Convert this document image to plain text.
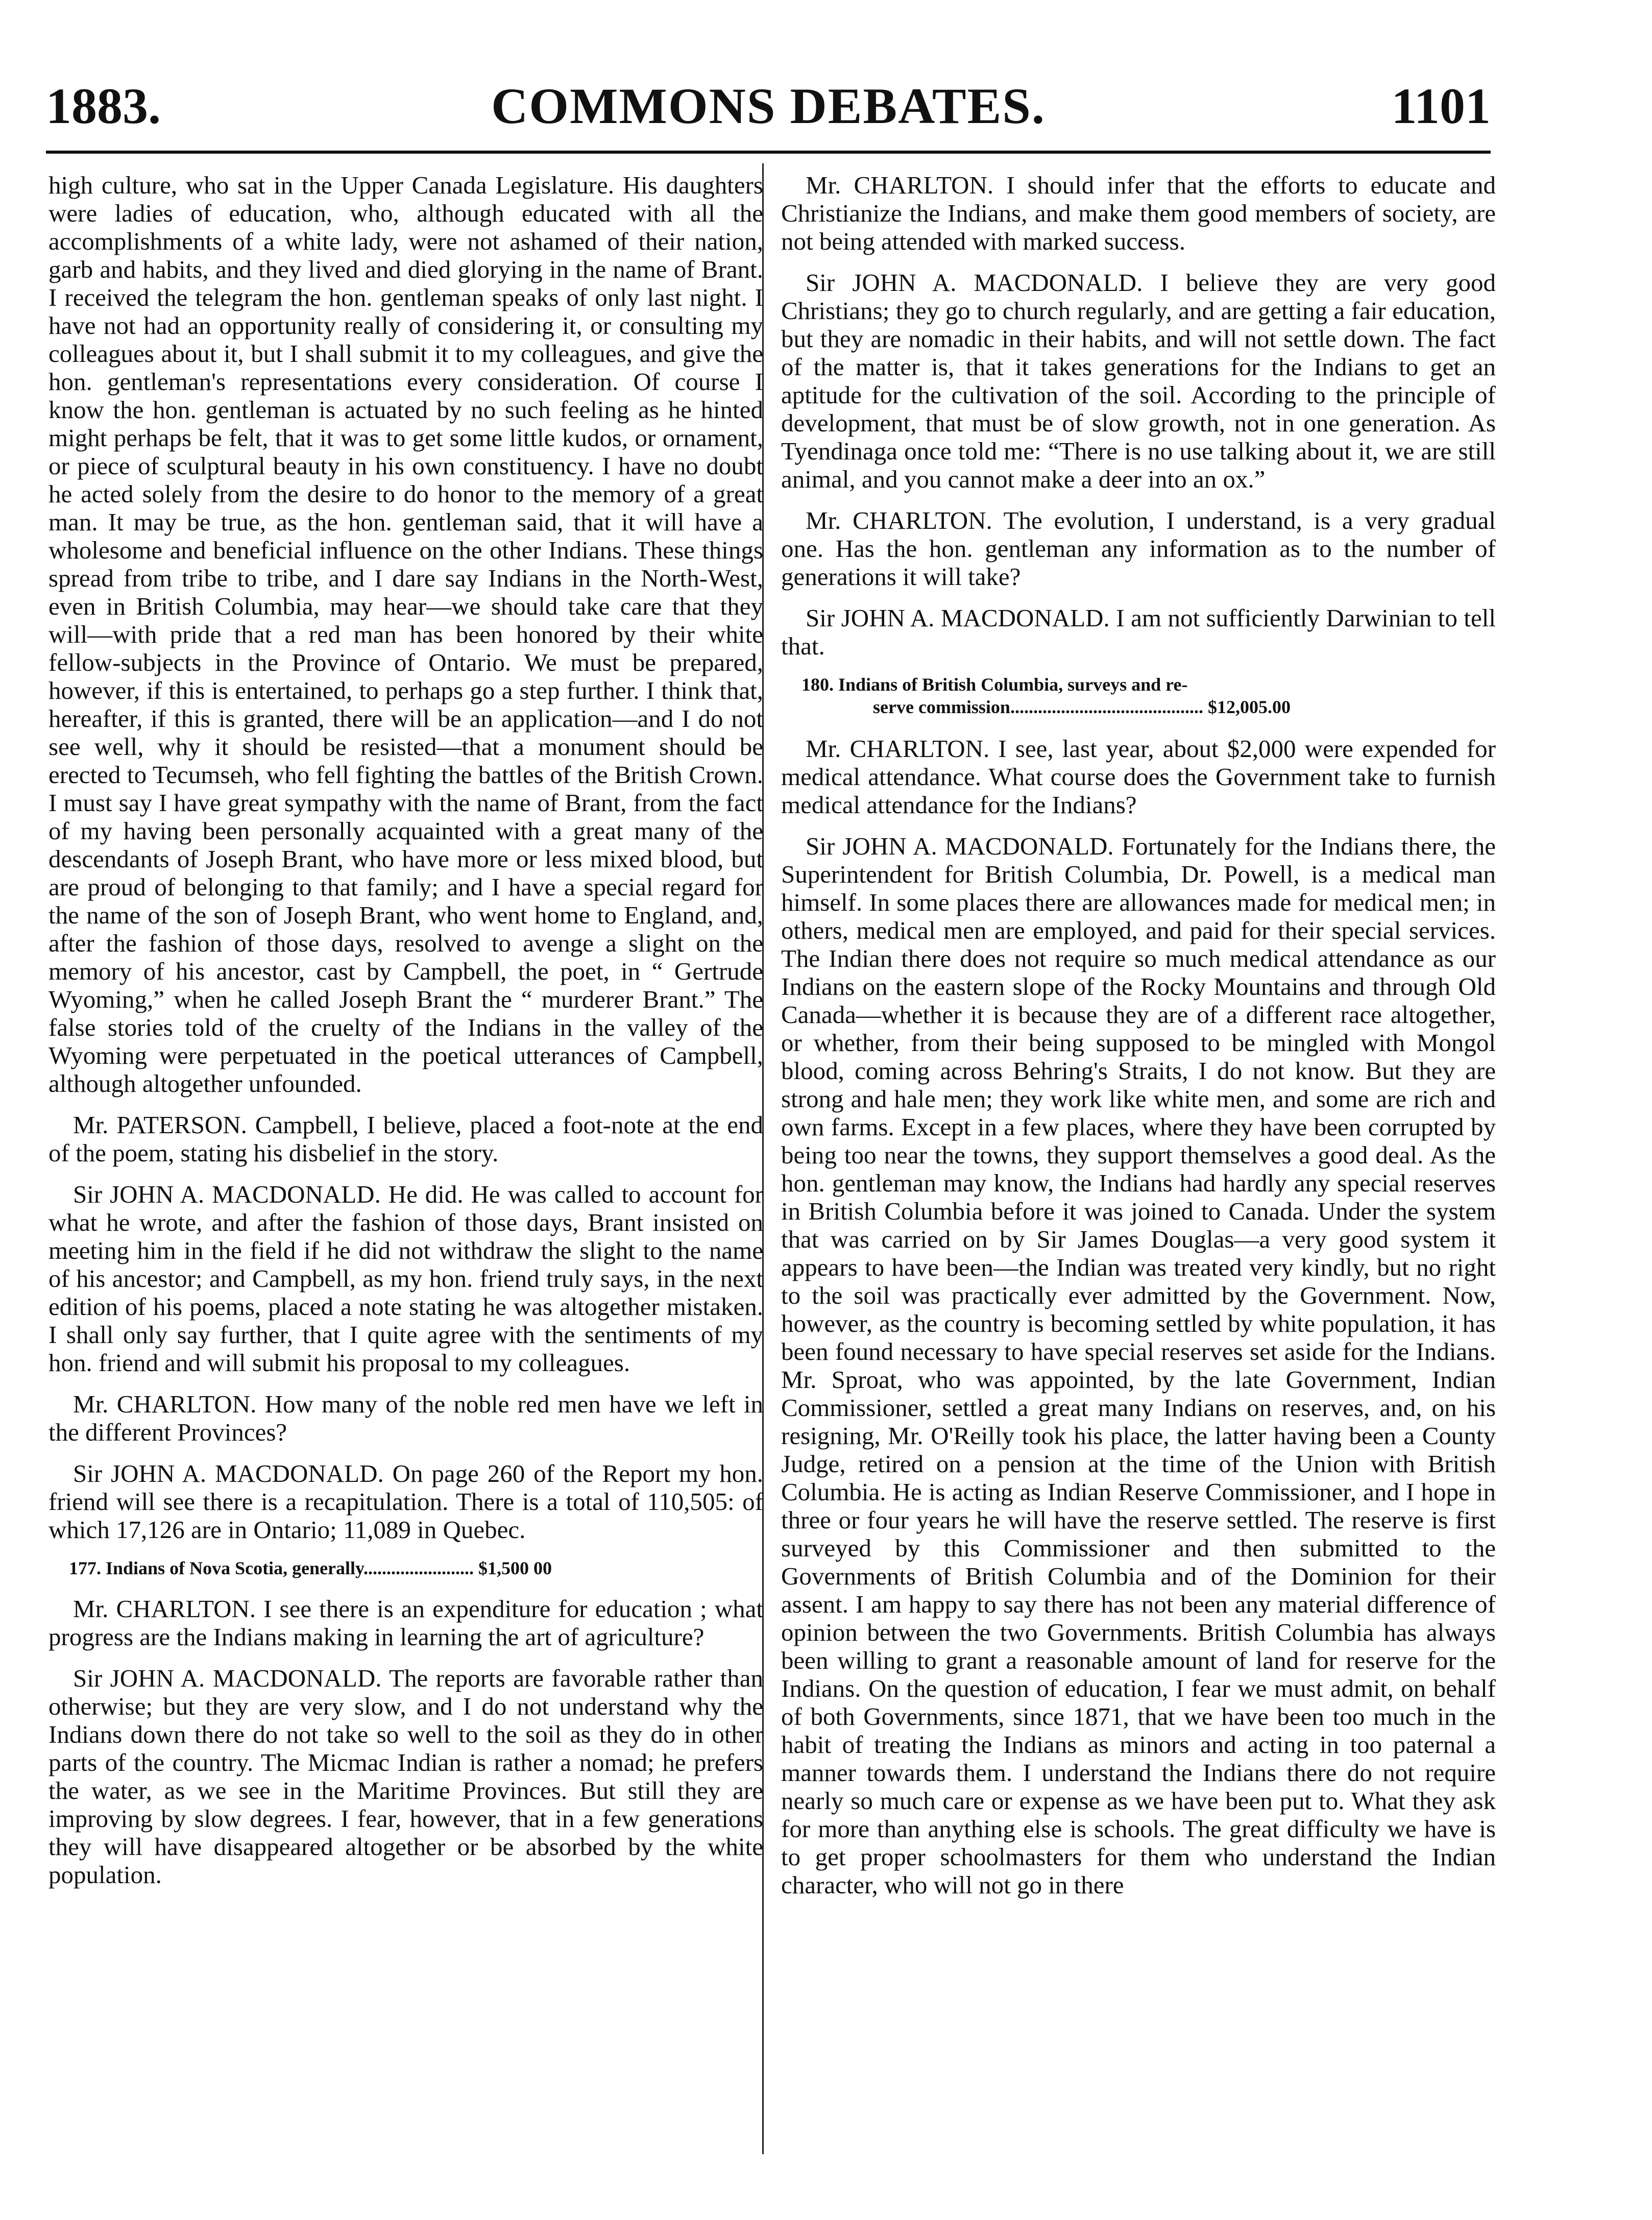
COMMONS DEBATES.
1883.	1101

high culture, who sat in the Upper Canada Legislature. His daughters were ladies of education, who, although educated with all the accomplishments of a white lady, were not ashamed of their nation, garb and habits, and they lived and died glorying in the name of Brant. I received the telegram the hon. gentleman speaks of only last night. I have not had an opportunity really of considering it, or consulting my colleagues about it, but I shall submit it to my colleagues, and give the hon. gentleman's representations every consideration. Of course I know the hon. gentleman is actuated by no such feeling as he hinted might perhaps be felt, that it was to get some little kudos, or ornament, or piece of sculptural beauty in his own constituency. I have no doubt he acted solely from the desire to do honor to the memory of a great man. It may be true, as the hon. gentleman said, that it will have a wholesome and beneficial influence on the other Indians. These things spread from tribe to tribe, and I dare say Indians in the North-West, even in British Columbia, may hear—we should take care that they will—with pride that a red man has been honored by their white fellow-subjects in the Province of Ontario. We must be prepared, however, if this is entertained, to perhaps go a step further. I think that, hereafter, if this is granted, there will be an application—and I do not see well, why it should be resisted—that a monument should be erected to Tecumseh, who fell fighting the battles of the British Crown. I must say I have great sympathy with the name of Brant, from the fact of my having been personally acquainted with a great many of the descendants of Joseph Brant, who have more or less mixed blood, but are proud of belonging to that family; and I have a special regard for the name of the son of Joseph Brant, who went home to England, and, after the fashion of those days, resolved to avenge a slight on the memory of his ancestor, cast by Campbell, the poet, in “ Gertrude Wyoming,” when he called Joseph Brant the “ murderer Brant.” The false stories told of the cruelty of the Indians in the valley of the Wyoming were perpetuated in the poetical utterances of Campbell, although altogether unfounded.

Mr. PATERSON. Campbell, I believe, placed a foot-note at the end of the poem, stating his disbelief in the story.

Sir JOHN A. MACDONALD. He did. He was called to account for what he wrote, and after the fashion of those days, Brant insisted on meeting him in the field if he did not withdraw the slight to the name of his ancestor; and Campbell, as my hon. friend truly says, in the next edition of his poems, placed a note stating he was altogether mistaken. I shall only say further, that I quite agree with the sentiments of my hon. friend and will submit his proposal to my colleagues.

Mr. CHARLTON. How many of the noble red men have we left in the different Provinces?

Sir JOHN A. MACDONALD. On page 260 of the Report my hon. friend will see there is a recapitulation. There is a total of 110,505: of which 17,126 are in Ontario; 11,089 in Quebec.

177. Indians of Nova Scotia, generally........................ $1,500 00

Mr. CHARLTON. I see there is an expenditure for education ; what progress are the Indians making in learning the art of agriculture?

Sir JOHN A. MACDONALD. The reports are favorable rather than otherwise; but they are very slow, and I do not understand why the Indians down there do not take so well to the soil as they do in other parts of the country. The Micmac Indian is rather a nomad; he prefers the water, as we see in the Maritime Provinces. But still they are improving by slow degrees. I fear, however, that in a few generations they will have disappeared altogether or be absorbed by the white population.

Mr. CHARLTON. I should infer that the efforts to educate and Christianize the Indians, and make them good members of society, are not being attended with marked success.

Sir JOHN A. MACDONALD. I believe they are very good Christians; they go to church regularly, and are getting a fair education, but they are nomadic in their habits, and will not settle down. The fact of the matter is, that it takes generations for the Indians to get an aptitude for the cultivation of the soil. According to the principle of development, that must be of slow growth, not in one generation. As Tyendinaga once told me: “There is no use talking about it, we are still animal, and you cannot make a deer into an ox.”

Mr. CHARLTON. The evolution, I understand, is a very gradual one. Has the hon. gentleman any information as to the number of generations it will take?

Sir JOHN A. MACDONALD. I am not sufficiently Darwinian to tell that.

180. Indians of British Columbia, surveys and re-
serve commission.......................................... $12,005.00

Mr. CHARLTON. I see, last year, about $2,000 were expended for medical attendance. What course does the Government take to furnish medical attendance for the Indians?

Sir JOHN A. MACDONALD. Fortunately for the Indians there, the Superintendent for British Columbia, Dr. Powell, is a medical man himself. In some places there are allowances made for medical men; in others, medical men are employed, and paid for their special services. The Indian there does not require so much medical attendance as our Indians on the eastern slope of the Rocky Mountains and through Old Canada—whether it is because they are of a different race altogether, or whether, from their being supposed to be mingled with Mongol blood, coming across Behring's Straits, I do not know. But they are strong and hale men; they work like white men, and some are rich and own farms. Except in a few places, where they have been corrupted by being too near the towns, they support themselves a good deal. As the hon. gentleman may know, the Indians had hardly any special reserves in British Columbia before it was joined to Canada. Under the system that was carried on by Sir James Douglas—a very good system it appears to have been—the Indian was treated very kindly, but no right to the soil was practically ever admitted by the Government. Now, however, as the country is becoming settled by white population, it has been found necessary to have special reserves set aside for the Indians. Mr. Sproat, who was appointed, by the late Government, Indian Commissioner, settled a great many Indians on reserves, and, on his resigning, Mr. O'Reilly took his place, the latter having been a County Judge, retired on a pension at the time of the Union with British Columbia. He is acting as Indian Reserve Commissioner, and I hope in three or four years he will have the reserve settled. The reserve is first surveyed by this Commissioner and then submitted to the Governments of British Columbia and of the Dominion for their assent. I am happy to say there has not been any material difference of opinion between the two Governments. British Columbia has always been willing to grant a reasonable amount of land for reserve for the Indians. On the question of education, I fear we must admit, on behalf of both Governments, since 1871, that we have been too much in the habit of treating the Indians as minors and acting in too paternal a manner towards them. I understand the Indians there do not require nearly so much care or expense as we have been put to. What they ask for more than anything else is schools. The great difficulty we have is to get proper schoolmasters for them who understand the Indian character, who will not go in there
